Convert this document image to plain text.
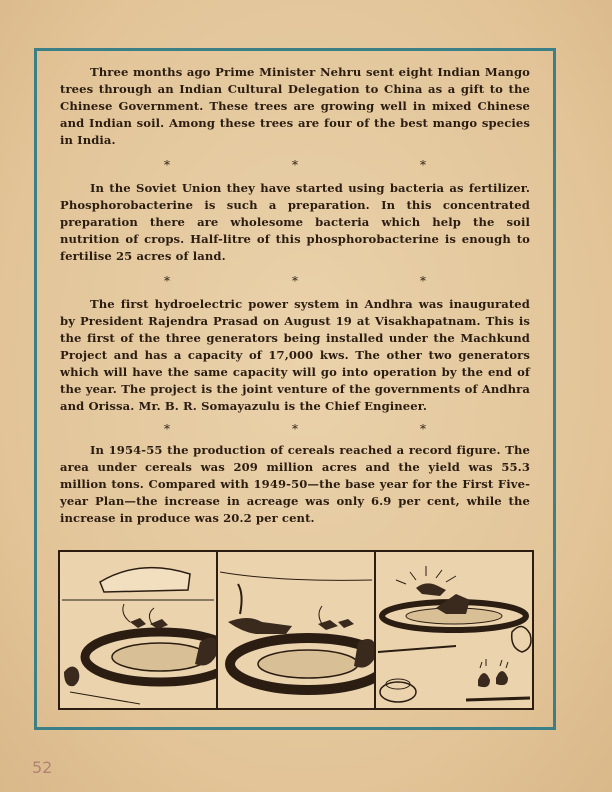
Three months ago Prime Minister Nehru sent eight Indian Mango trees through an Indian Cultural Delegation to China as a gift to the Chinese Government. These trees are growing well in mixed Chinese and Indian soil. Among these trees are four of the best mango species in India.
*	*	*
In the Soviet Union they have started using bacteria as fertilizer. Phosphorobacterine is such a preparation. In this concentrated preparation there are wholesome bacteria which help the soil nutrition of crops. Half-litre of this phosphorobacterine is enough to fertilise 25 acres of land.
*	*	*
The first hydroelectric power system in Andhra was inaugurated by President Rajendra Prasad on August 19 at Visakhapatnam. This is the first of the three generators being installed under the Machkund Project and has a capacity of 17,000 kws. The other two generators which will have the same capacity will go into operation by the end of the year. The project is the joint venture of the governments of Andhra and Orissa. Mr. B. R. Somayazulu is the Chief Engineer.
*	*	*
In 1954-55 the production of cereals reached a record figure. The area under cereals was 209 million acres and the yield was 55.3 million tons. Compared with 1949-50—the base year for the First Five-year Plan—the increase in acreage was only 6.9 per cent, while the increase in produce was 20.2 per cent.
52
